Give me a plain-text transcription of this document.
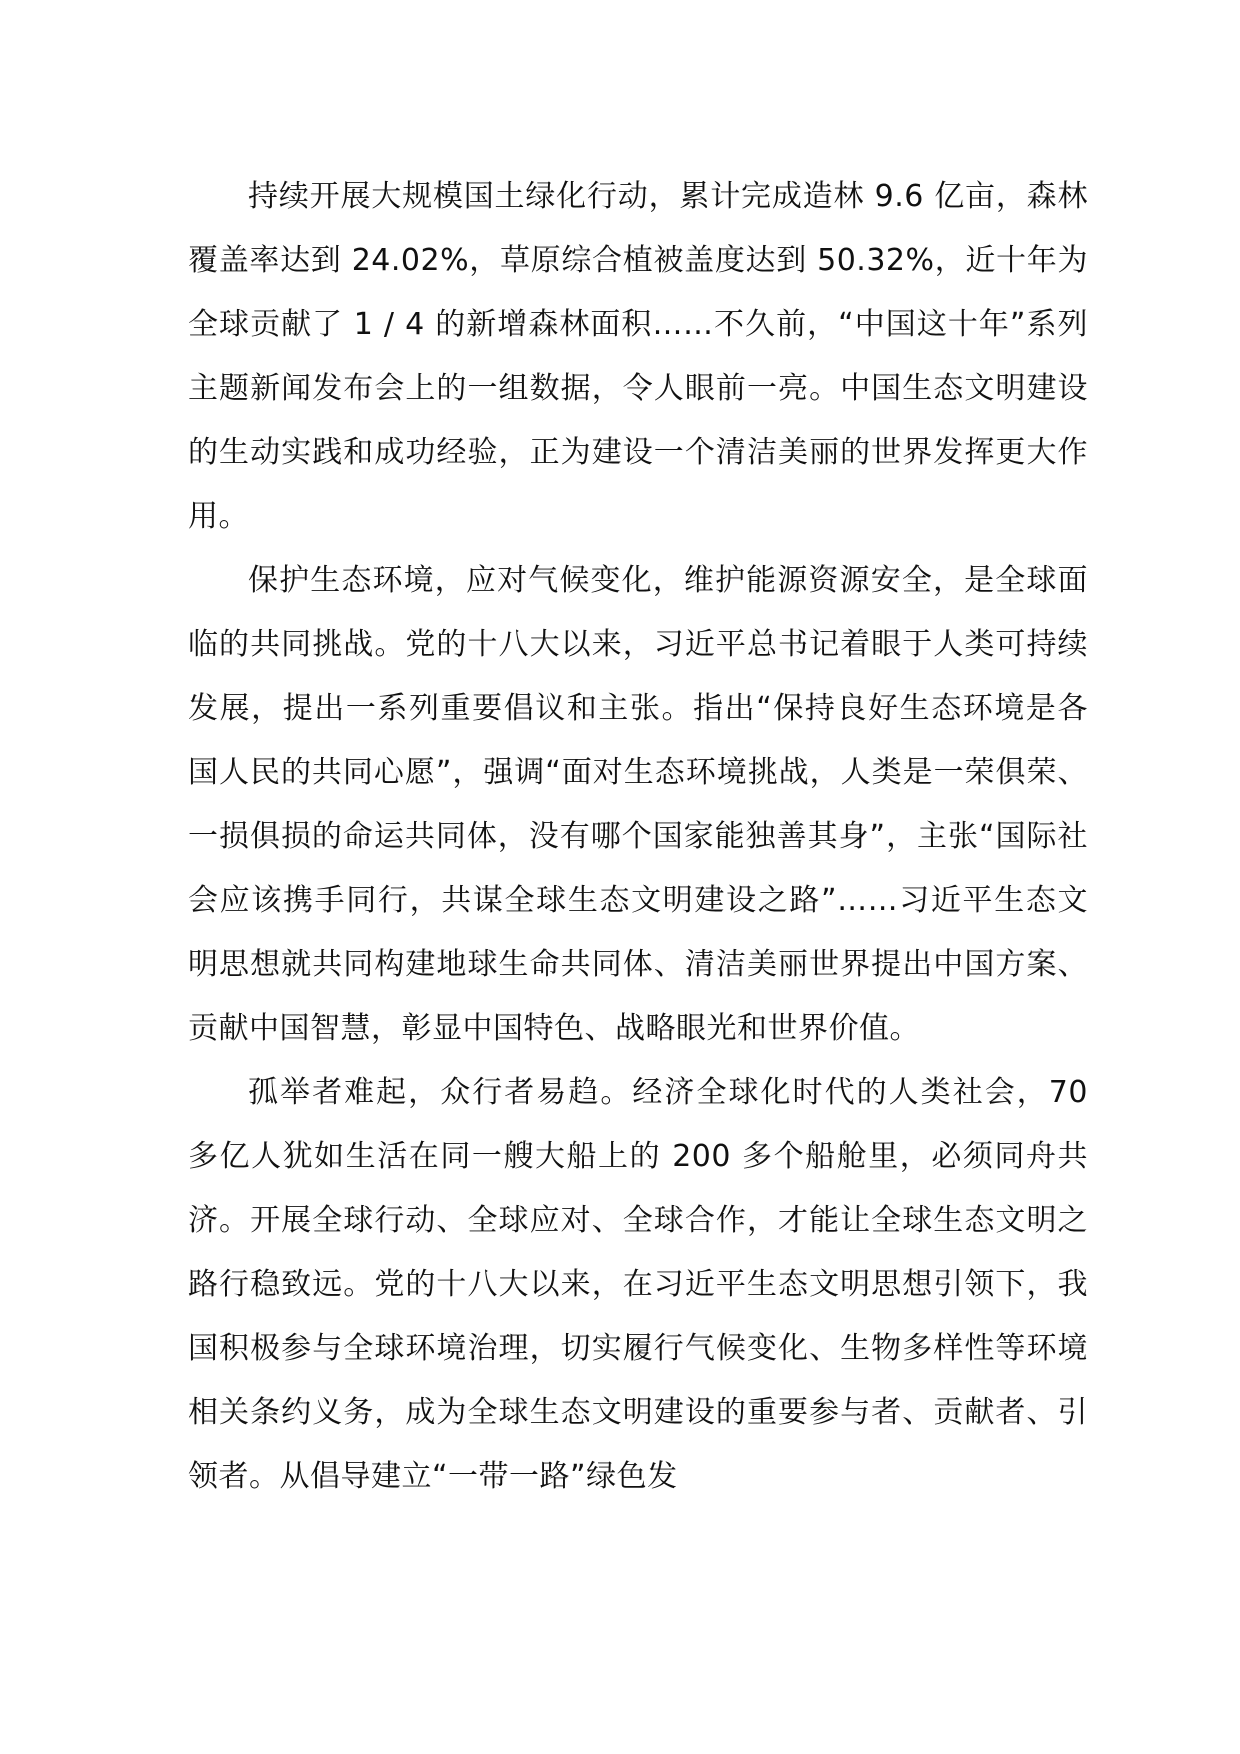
持续开展大规模国土绿化行动，累计完成造林 9.6 亿亩，森林覆盖率达到 24.02%，草原综合植被盖度达到 50.32%，近十年为全球贡献了 1 / 4 的新增森林面积……不久前，“中国这十年”系列主题新闻发布会上的一组数据，令人眼前一亮。中国生态文明建设的生动实践和成功经验，正为建设一个清洁美丽的世界发挥更大作用。

保护生态环境，应对气候变化，维护能源资源安全，是全球面临的共同挑战。党的十八大以来，习近平总书记着眼于人类可持续发展，提出一系列重要倡议和主张。指出“保持良好生态环境是各国人民的共同心愿”，强调“面对生态环境挑战，人类是一荣俱荣、一损俱损的命运共同体，没有哪个国家能独善其身”，主张“国际社会应该携手同行，共谋全球生态文明建设之路”……习近平生态文明思想就共同构建地球生命共同体、清洁美丽世界提出中国方案、贡献中国智慧，彰显中国特色、战略眼光和世界价值。

孤举者难起，众行者易趋。经济全球化时代的人类社会，70 多亿人犹如生活在同一艘大船上的 200 多个船舱里，必须同舟共济。开展全球行动、全球应对、全球合作，才能让全球生态文明之路行稳致远。党的十八大以来，在习近平生态文明思想引领下，我国积极参与全球环境治理，切实履行气候变化、生物多样性等环境相关条约义务，成为全球生态文明建设的重要参与者、贡献者、引领者。从倡导建立“一带一路”绿色发
